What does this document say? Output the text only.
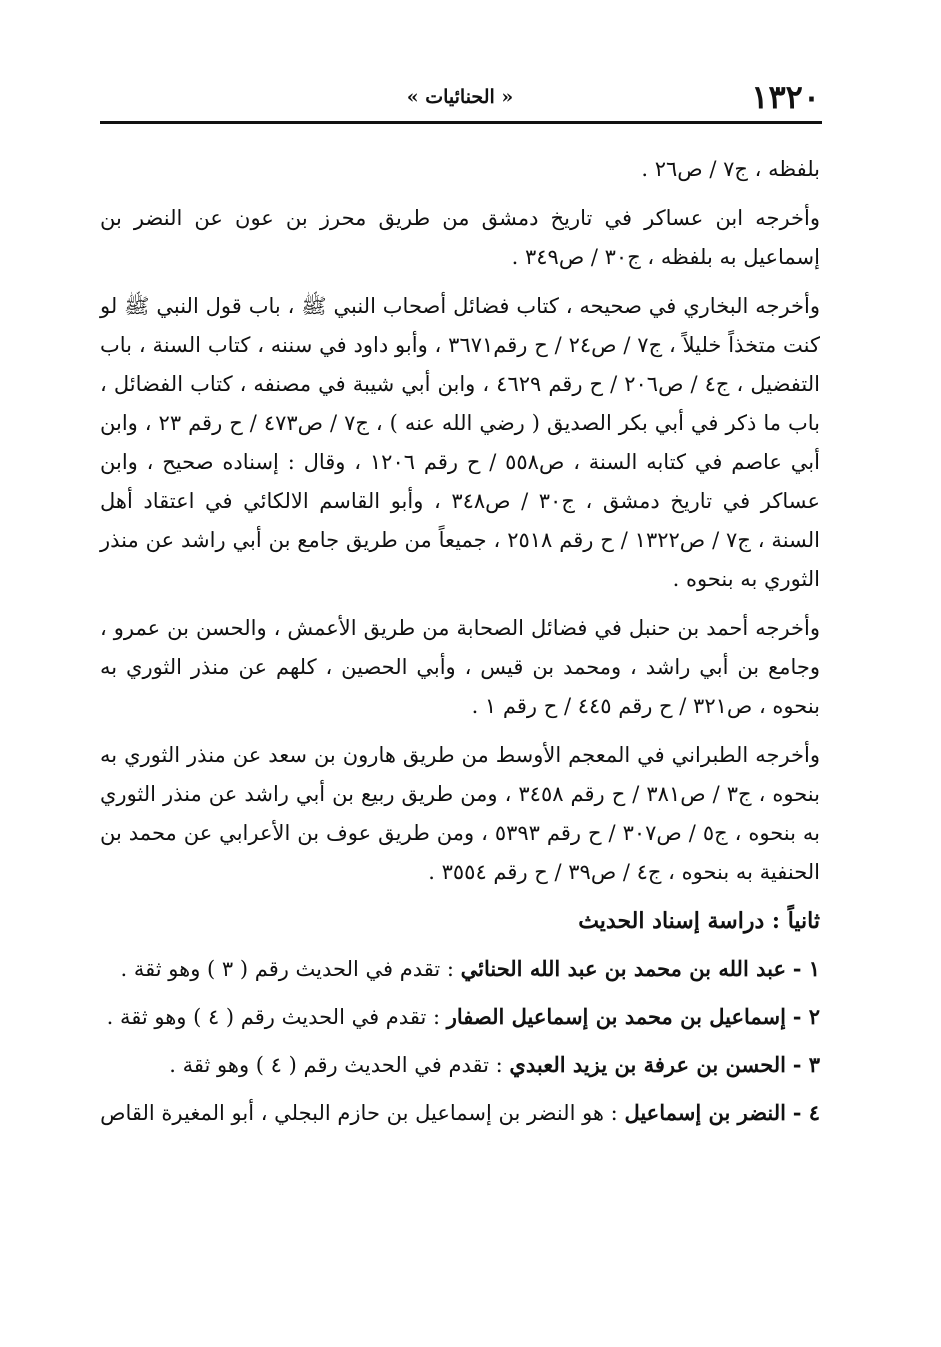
١٣٢٠
« الحنائيات »

بلفظه ، ج٧ / ص٢٦ .

وأخرجه ابن عساكر في تاريخ دمشق من طريق محرز بن عون عن النضر بن إسماعيل به بلفظه ، ج٣٠ / ص٣٤٩ .

وأخرجه البخاري في صحيحه ، كتاب فضائل أصحاب النبي ﷺ ، باب قول النبي ﷺ لو كنت متخذاً خليلاً ، ج٧ / ص٢٤ / ح رقم٣٦٧١ ، وأبو داود في سننه ، كتاب السنة ، باب التفضيل ، ج٤ / ص٢٠٦ / ح رقم ٤٦٢٩ ، وابن أبي شيبة في مصنفه ، كتاب الفضائل ، باب ما ذكر في أبي بكر الصديق ( رضي الله عنه ) ، ج٧ / ص٤٧٣ / ح رقم ٢٣ ، وابن أبي عاصم في كتابه السنة ، ص٥٥٨ / ح رقم ١٢٠٦ ، وقال : إسناده صحيح ، وابن عساكر في تاريخ دمشق ، ج٣٠ / ص٣٤٨ ، وأبو القاسم الالكائي في اعتقاد أهل السنة ، ج٧ / ص١٣٢٢ / ح رقم ٢٥١٨ ، جميعاً من طريق جامع بن أبي راشد عن منذر الثوري به بنحوه .

وأخرجه أحمد بن حنبل في فضائل الصحابة من طريق الأعمش ، والحسن بن عمرو ، وجامع بن أبي راشد ، ومحمد بن قيس ، وأبي الحصين ، كلهم عن منذر الثوري به بنحوه ، ص٣٢١ / ح رقم ٤٤٥ / ح رقم ١ .

وأخرجه الطبراني في المعجم الأوسط من طريق هارون بن سعد عن منذر الثوري به بنحوه ، ج٣ / ص٣٨١ / ح رقم ٣٤٥٨ ، ومن طريق ربيع بن أبي راشد عن منذر الثوري به بنحوه ، ج٥ / ص٣٠٧ / ح رقم ٥٣٩٣ ، ومن طريق عوف بن الأعرابي عن محمد بن الحنفية به بنحوه ، ج٤ / ص٣٩ / ح رقم ٣٥٥٤ .

ثانياً : دراسة إسناد الحديث

١ - عبد الله بن محمد بن عبد الله الحنائي : تقدم في الحديث رقم ( ٣ ) وهو ثقة .

٢ - إسماعيل بن محمد بن إسماعيل الصفار : تقدم في الحديث رقم ( ٤ ) وهو ثقة .

٣ - الحسن بن عرفة بن يزيد العبدي : تقدم في الحديث رقم ( ٤ ) وهو ثقة .

٤ - النضر بن إسماعيل : هو النضر بن إسماعيل بن حازم البجلي ، أبو المغيرة القاص
